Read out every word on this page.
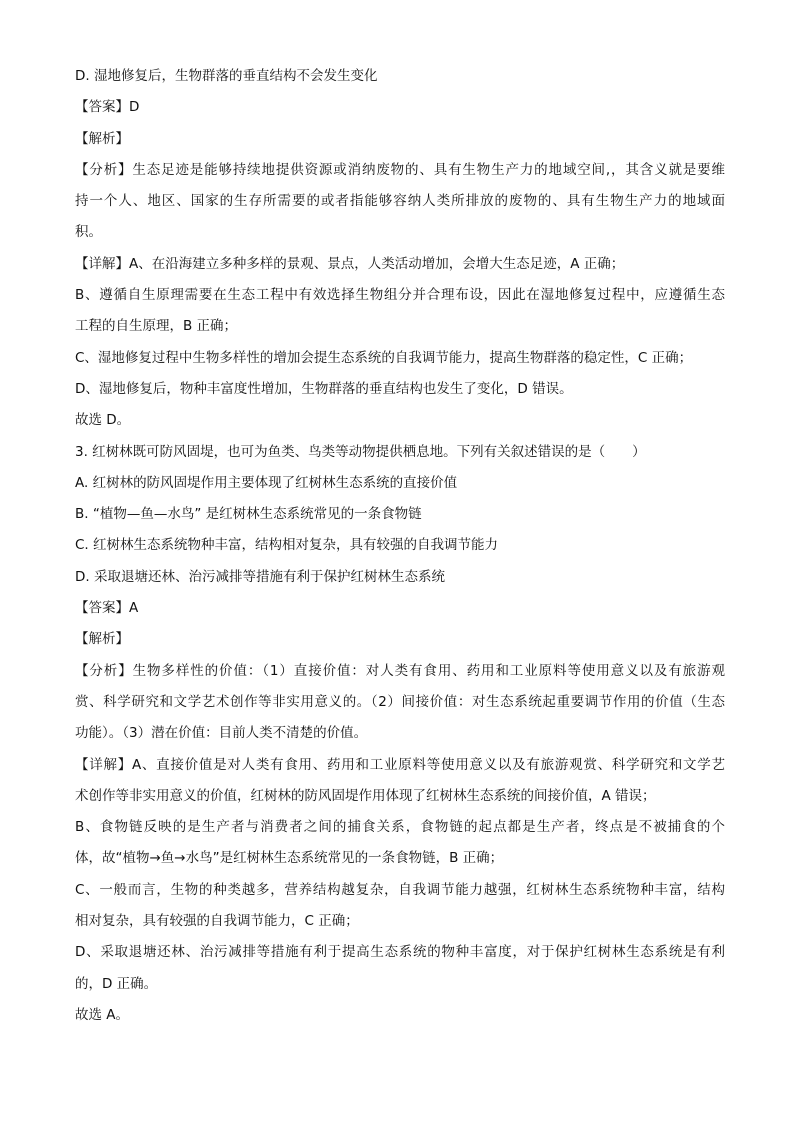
D. 湿地修复后，生物群落的垂直结构不会发生变化
【答案】D
【解析】
【分析】生态足迹是能够持续地提供资源或消纳废物的、具有生物生产力的地域空间,，其含义就是要维
持一个人、地区、国家的生存所需要的或者指能够容纳人类所排放的废物的、具有生物生产力的地域面
积。
【详解】A、在沿海建立多种多样的景观、景点，人类活动增加，会增大生态足迹，A 正确；
B、遵循自生原理需要在生态工程中有效选择生物组分并合理布设，因此在湿地修复过程中，应遵循生态
工程的自生原理，B 正确；
C、湿地修复过程中生物多样性的增加会提生态系统的自我调节能力，提高生物群落的稳定性，C 正确；
D、湿地修复后，物种丰富度性增加，生物群落的垂直结构也发生了变化，D 错误。
故选 D。
3. 红树林既可防风固堤，也可为鱼类、鸟类等动物提供栖息地。下列有关叙述错误的是（　　）
A. 红树林的防风固堤作用主要体现了红树林生态系统的直接价值
B. “植物—鱼—水鸟” 是红树林生态系统常见的一条食物链
C. 红树林生态系统物种丰富，结构相对复杂，具有较强的自我调节能力
D. 采取退塘还林、治污减排等措施有利于保护红树林生态系统
【答案】A
【解析】
【分析】生物多样性的价值：（1）直接价值：对人类有食用、药用和工业原料等使用意义以及有旅游观
赏、科学研究和文学艺术创作等非实用意义的。（2）间接价值：对生态系统起重要调节作用的价值（生态
功能）。（3）潜在价值：目前人类不清楚的价值。
【详解】A、直接价值是对人类有食用、药用和工业原料等使用意义以及有旅游观赏、科学研究和文学艺
术创作等非实用意义的价值，红树林的防风固堤作用体现了红树林生态系统的间接价值，A 错误；
B、食物链反映的是生产者与消费者之间的捕食关系，食物链的起点都是生产者，终点是不被捕食的个
体，故“植物→鱼→水鸟”是红树林生态系统常见的一条食物链，B 正确；
C、一般而言，生物的种类越多，营养结构越复杂，自我调节能力越强，红树林生态系统物种丰富，结构
相对复杂，具有较强的自我调节能力，C 正确；
D、采取退塘还林、治污减排等措施有利于提高生态系统的物种丰富度，对于保护红树林生态系统是有利
的，D 正确。
故选 A。
